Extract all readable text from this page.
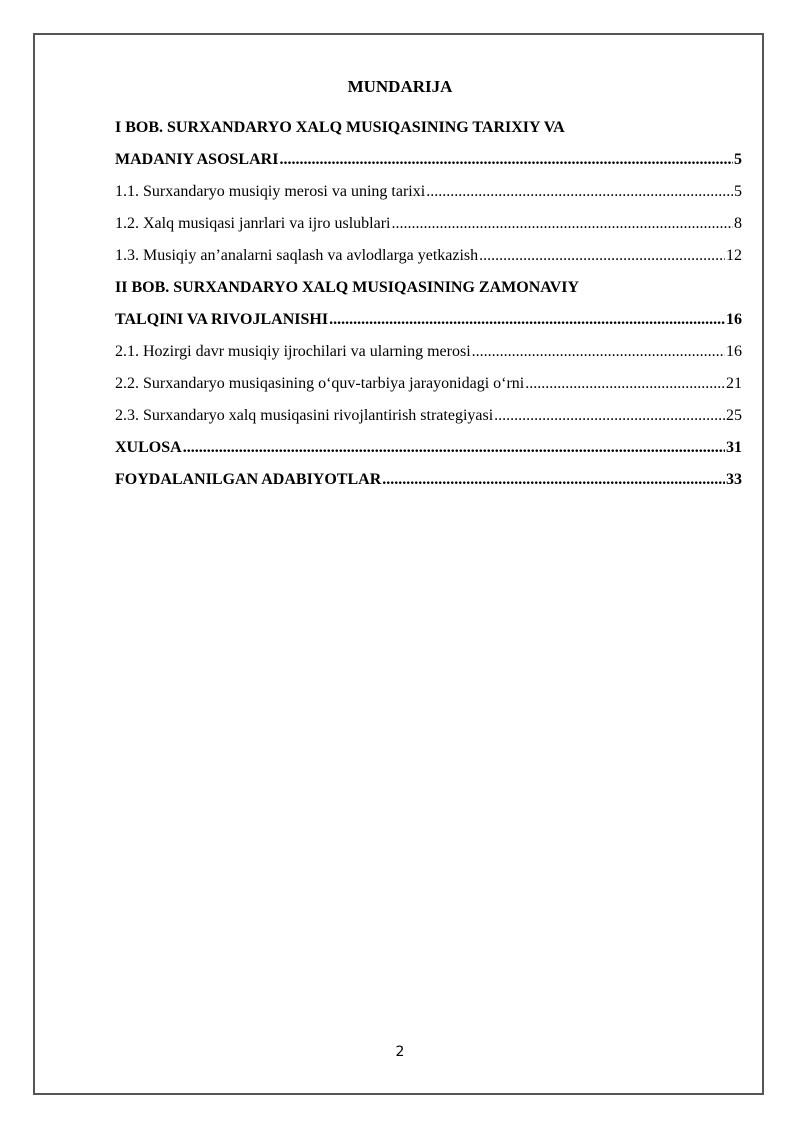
MUNDARIJA
I BOB. SURXANDARYO XALQ MUSIQASINING TARIXIY VA
MADANIY ASOSLARI .....	5
1.1. Surxandaryo musiqiy merosi va uning tarixi .....	5
1.2. Xalq musiqasi janrlari va ijro uslublari .....	8
1.3. Musiqiy an’analarni saqlash va avlodlarga yetkazish .....	12
II BOB. SURXANDARYO XALQ MUSIQASINING ZAMONAVIY
TALQINI VA RIVOJLANISHI .....	16
2.1. Hozirgi davr musiqiy ijrochilari va ularning merosi .....	16
2.2. Surxandaryo musiqasining o‘quv-tarbiya jarayonidagi o‘rni .....	21
2.3. Surxandaryo xalq musiqasini rivojlantirish strategiyasi .....	25
XULOSA .....	31
FOYDALANILGAN ADABIYOTLAR .....	33
2
